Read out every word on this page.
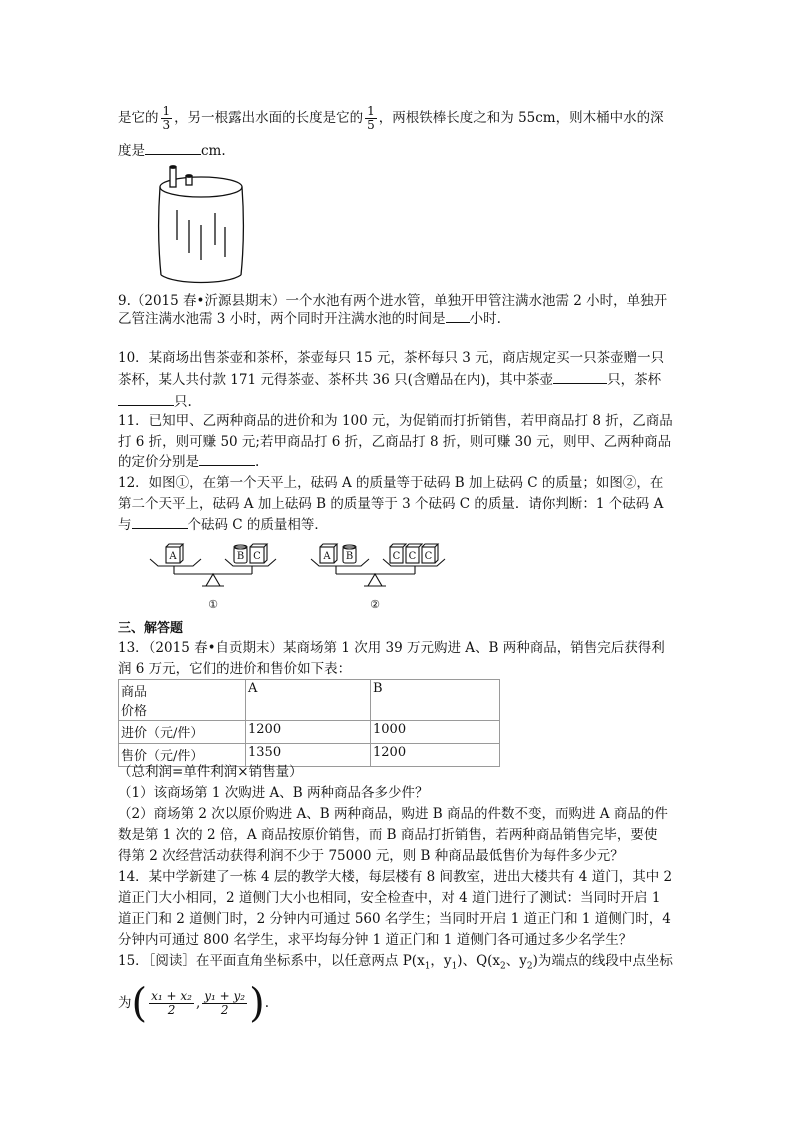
是它的 $\frac{1}{3}$ ，另一根露出水面的长度是它的 $\frac{1}{5}$ ，两根铁棒长度之和为 55cm，则木桶中水的深
度是	cm.
9.（2015 春•沂源县期末）一个水池有两个进水管，单独开甲管注满水池需 2 小时，单独开
乙管注满水池需 3 小时，两个同时开注满水池的时间是 小时.
10．某商场出售茶壶和茶杯，茶壶每只 15 元，茶杯每只 3 元，商店规定买一只茶壶赠一只
茶杯，某人共付款 171 元得茶壶、茶杯共 36 只(含赠品在内)，其中茶壶	只，茶杯
只.
11．已知甲、乙两种商品的进价和为 100 元，为促销而打折销售，若甲商品打 8 折，乙商品
打 6 折，则可赚 50 元;若甲商品打 6 折，乙商品打 8 折，则可赚 30 元，则甲、乙两种商品
的定价分别是	.
12．如图①，在第一个天平上，砝码 A 的质量等于砝码 B 加上砝码 C 的质量；如图②，在
第二个天平上，砝码 A 加上砝码 B 的质量等于 3 个砝码 C 的质量．请你判断：1 个砝码 A
与	个砝码 C 的质量相等．
A	B C	A B	C C C
①	②
三、解答题
13．（2015 春•自贡期末）某商场第 1 次用 39 万元购进 A、B 两种商品，销售完后获得利
润 6 万元，它们的进价和售价如下表：
商品
价格	A	B
进价（元/件）	1200	1000
售价（元/件）	1350	1200
（总利润=单件利润×销售量）
（1）该商场第 1 次购进 A、B 两种商品各多少件？
（2）商场第 2 次以原价购进 A、B 两种商品，购进 B 商品的件数不变，而购进 A 商品的件
数是第 1 次的 2 倍，A 商品按原价销售，而 B 商品打折销售，若两种商品销售完毕，要使
得第 2 次经营活动获得利润不少于 75000 元，则 B 种商品最低售价为每件多少元？
14．某中学新建了一栋 4 层的教学大楼，每层楼有 8 间教室，进出大楼共有 4 道门，其中 2
道正门大小相同，2 道侧门大小也相同，安全检查中，对 4 道门进行了测试：当同时开启 1
道正门和 2 道侧门时，2 分钟内可通过 560 名学生；当同时开启 1 道正门和 1 道侧门时，4
分钟内可通过 800 名学生，求平均每分钟 1 道正门和 1 道侧门各可通过多少名学生？
15．［阅读］在平面直角坐标系中，以任意两点 $P(x_1$，$y_1$)、$Q(x_2$、$y_2$)为端点的线段中点坐标
为( $\frac{\text{x₁ + x₂}}{2}$ , $\frac{\text{y₁ + y₂}}{2}$ ).
